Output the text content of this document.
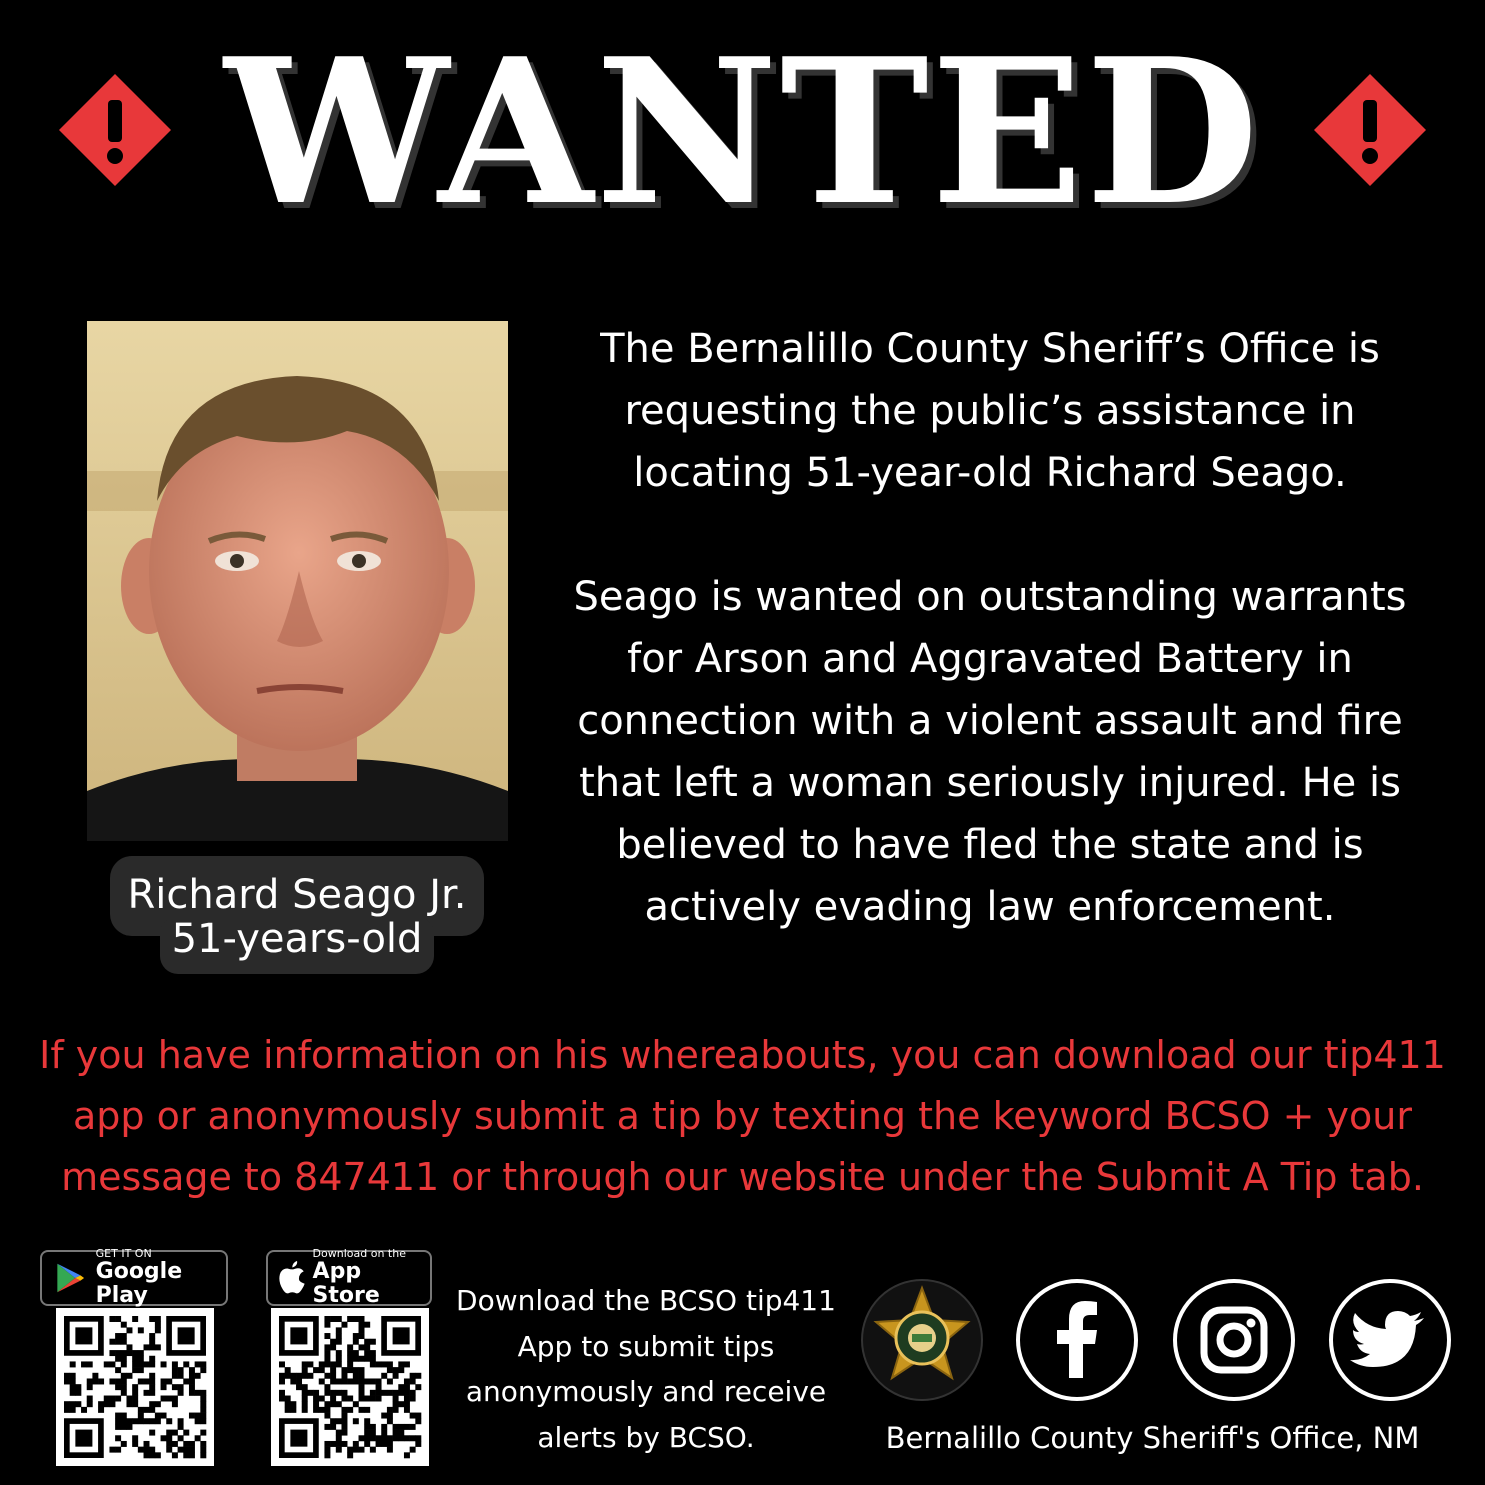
WANTED
Richard Seago Jr.
51-years-old

The Bernalillo County Sheriff’s Office is requesting the public’s assistance in locating 51-year-old Richard Seago.

Seago is wanted on outstanding warrants for Arson and Aggravated Battery in connection with a violent assault and fire that left a woman seriously injured. He is believed to have fled the state and is actively evading law enforcement.

If you have information on his whereabouts, you can download our tip411 app or anonymously submit a tip by texting the keyword BCSO + your message to 847411 or through our website under the Submit A Tip tab.
GET IT ON
Google Play
Download on the
App Store	Download the BCSO tip411 App to submit tips anonymously and receive alerts by BCSO.	Bernalillo County Sheriff's Office, NM
